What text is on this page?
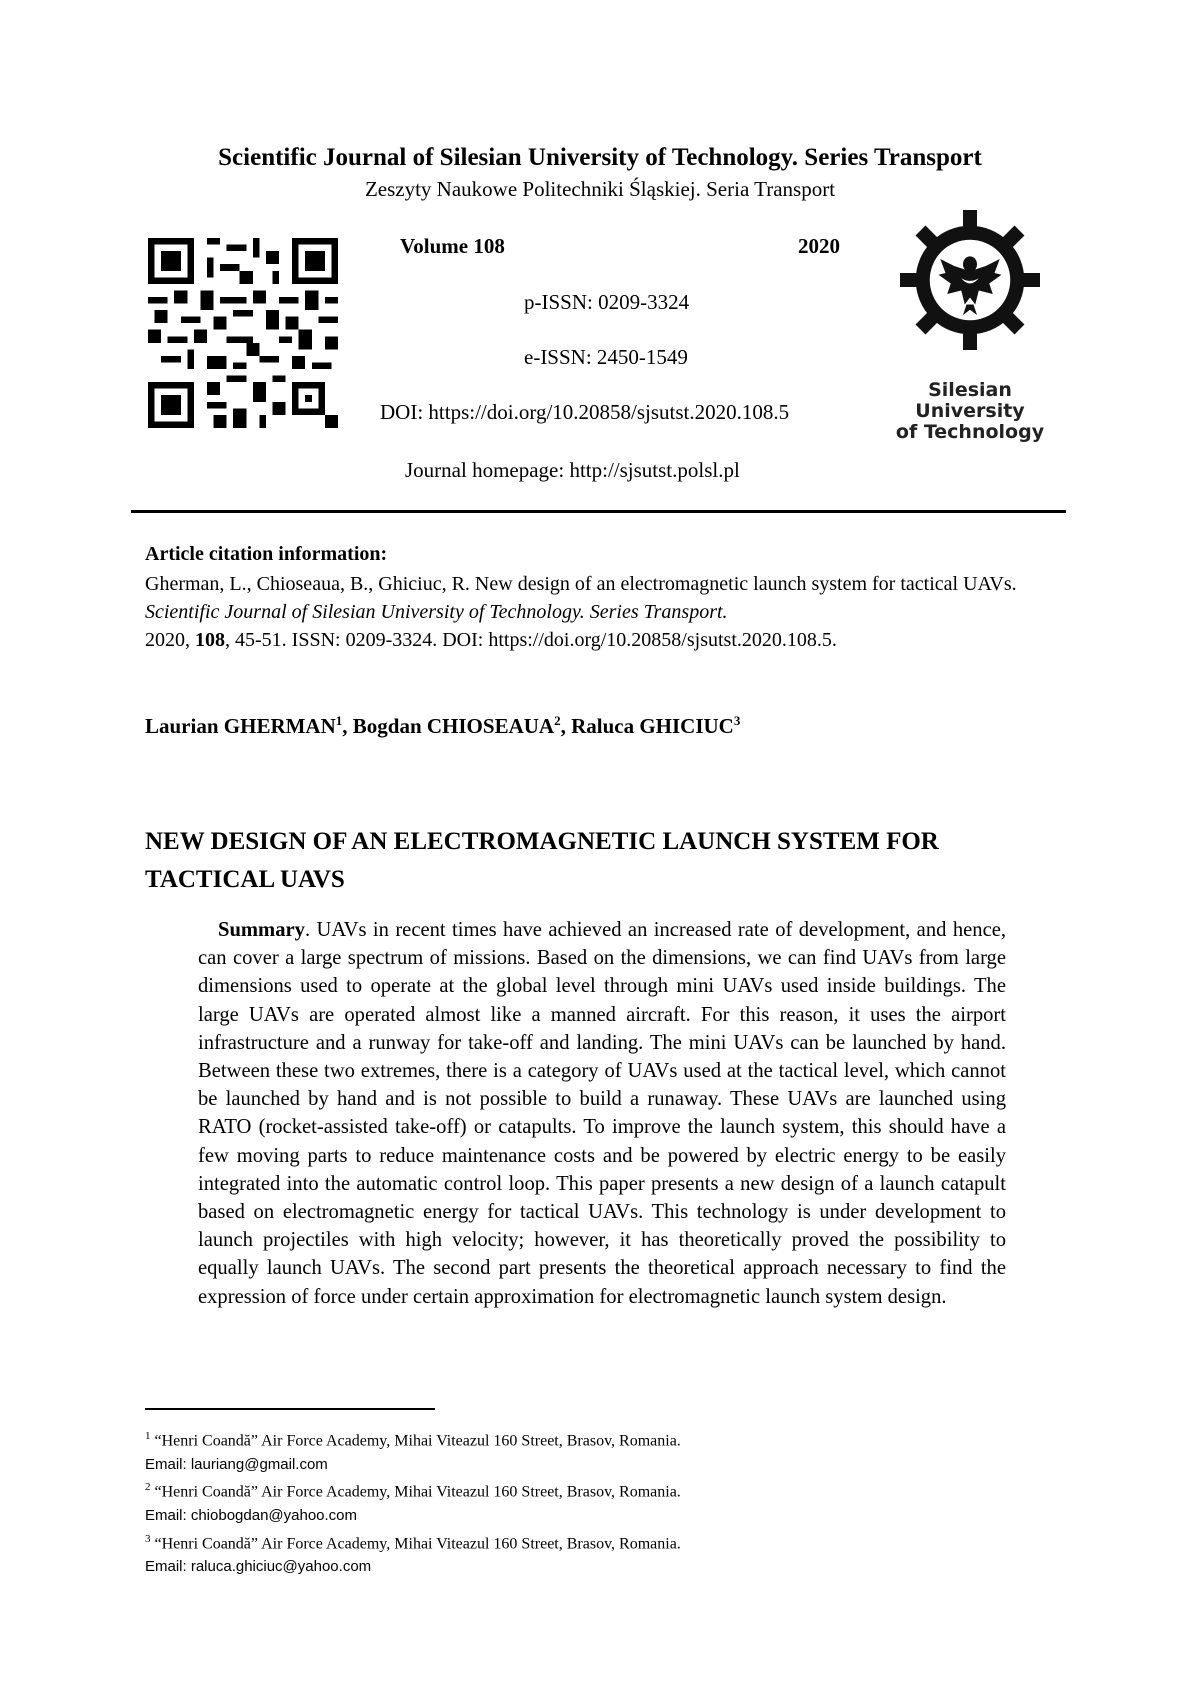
Scientific Journal of Silesian University of Technology. Series Transport
Zeszyty Naukowe Politechniki Śląskiej. Seria Transport
Volume 108	2020
p-ISSN: 0209-3324
e-ISSN: 2450-1549
DOI: https://doi.org/10.20858/sjsutst.2020.108.5
Journal homepage: http://sjsutst.polsl.pl
Silesian
University
of Technology
Article citation information:
Gherman, L., Chioseaua, B., Ghiciuc, R. New design of an electromagnetic launch system for tactical UAVs. Scientific Journal of Silesian University of Technology. Series Transport.
2020, 108, 45-51. ISSN: 0209-3324. DOI: https://doi.org/10.20858/sjsutst.2020.108.5.
Laurian GHERMAN$^1$, Bogdan CHIOSEAUA$^2$, Raluca GHICIUC$^3$
NEW DESIGN OF AN ELECTROMAGNETIC LAUNCH SYSTEM FOR TACTICAL UAVS
Summary. UAVs in recent times have achieved an increased rate of development, and hence, can cover a large spectrum of missions. Based on the dimensions, we can find UAVs from large dimensions used to operate at the global level through mini UAVs used inside buildings. The large UAVs are operated almost like a manned aircraft. For this reason, it uses the airport infrastructure and a runway for take-off and landing. The mini UAVs can be launched by hand. Between these two extremes, there is a category of UAVs used at the tactical level, which cannot be launched by hand and is not possible to build a runaway. These UAVs are launched using RATO (rocket-assisted take-off) or catapults. To improve the launch system, this should have a few moving parts to reduce maintenance costs and be powered by electric energy to be easily integrated into the automatic control loop. This paper presents a new design of a launch catapult based on electromagnetic energy for tactical UAVs. This technology is under development to launch projectiles with high velocity; however, it has theoretically proved the possibility to equally launch UAVs. The second part presents the theoretical approach necessary to find the expression of force under certain approximation for electromagnetic launch system design.
$^1$ “Henri Coandă” Air Force Academy, Mihai Viteazul 160 Street, Brasov, Romania.
Email: lauriang@gmail.com
$^2$ “Henri Coandă” Air Force Academy, Mihai Viteazul 160 Street, Brasov, Romania.
Email: chiobogdan@yahoo.com
$^3$ “Henri Coandă” Air Force Academy, Mihai Viteazul 160 Street, Brasov, Romania.
Email: raluca.ghiciuc@yahoo.com
